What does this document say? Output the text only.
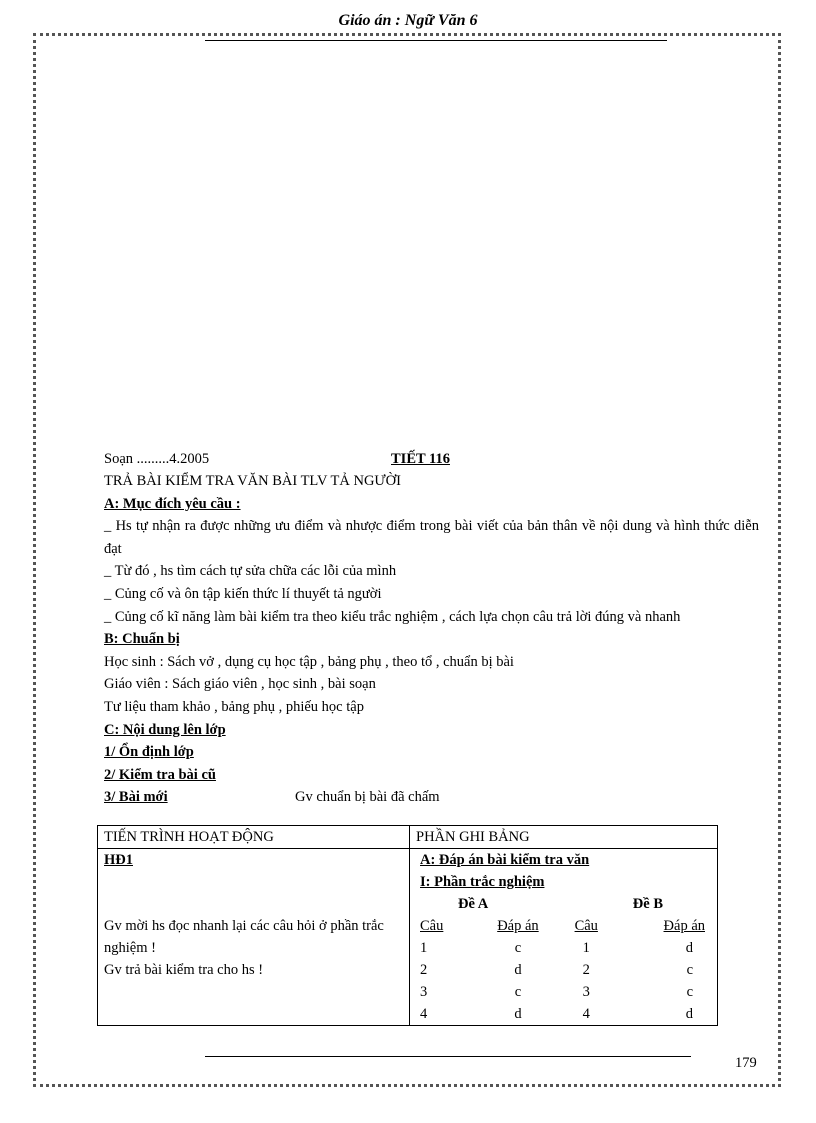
Giáo án : Ngữ Văn 6
Soạn .........4.2005	TIẾT 116
TRẢ BÀI KIỂM TRA VĂN BÀI TLV TẢ NGƯỜI
A: Mục đích yêu cầu :
_ Hs tự nhận ra được những ưu điểm và nhược điểm trong bài viết của bản thân về nội dung và hình thức diễn đạt
_ Từ đó , hs tìm cách tự sửa chữa các lỗi của mình
_ Củng cố và ôn tập kiến thức lí thuyết tả người
_ Củng cố kĩ năng làm bài kiểm tra theo kiểu trắc nghiệm , cách lựa chọn câu trả lời đúng và nhanh
B: Chuẩn bị
Học sinh : Sách vở , dụng cụ học tập , bảng phụ , theo tổ , chuẩn bị bài
Giáo viên : Sách giáo viên , học sinh , bài soạn
Tư liệu tham khảo , bảng phụ , phiếu học tập
C: Nội dung lên lớp
1/ Ổn định lớp
2/ Kiểm tra bài cũ
3/ Bài mới	Gv chuẩn bị bài đã chấm
TIẾN TRÌNH HOẠT ĐỘNG	PHẦN GHI BẢNG

HĐ1
Gv mời hs đọc nhanh lại các câu hỏi ở phần trắc nghiệm !
Gv trả bài kiểm tra cho hs !

A: Đáp án bài kiểm tra văn
I: Phần trắc nghiệm
Đề A	Đề B
Câu	Đáp án	Câu	Đáp án
1	c	1	d
2	d	2	c
3	c	3	c
4	d	4	d
179
